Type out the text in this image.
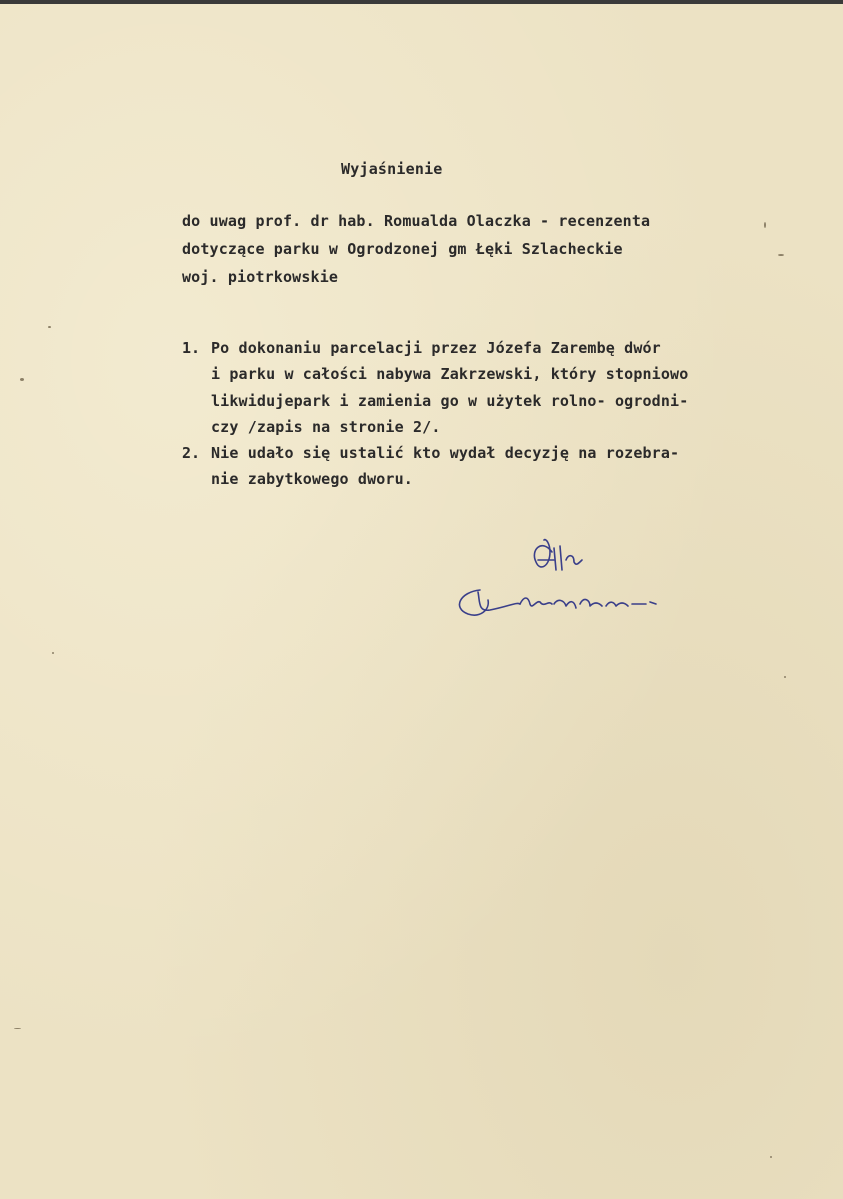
Wyjaśnienie
do uwag prof. dr hab. Romualda Olaczka - recenzenta
dotyczące parku w Ogrodzonej gm Łęki Szlacheckie
woj. piotrkowskie
1. Po dokonaniu parcelacji przez Józefa Zarembę dwór
i parku w całości nabywa Zakrzewski, który stopniowo
likwidujepark i zamienia go w użytek rolno- ogrodni-
czy /zapis na stronie 2/.
2. Nie udało się ustalić kto wydał decyzję na rozebra-
nie zabytkowego dworu.
